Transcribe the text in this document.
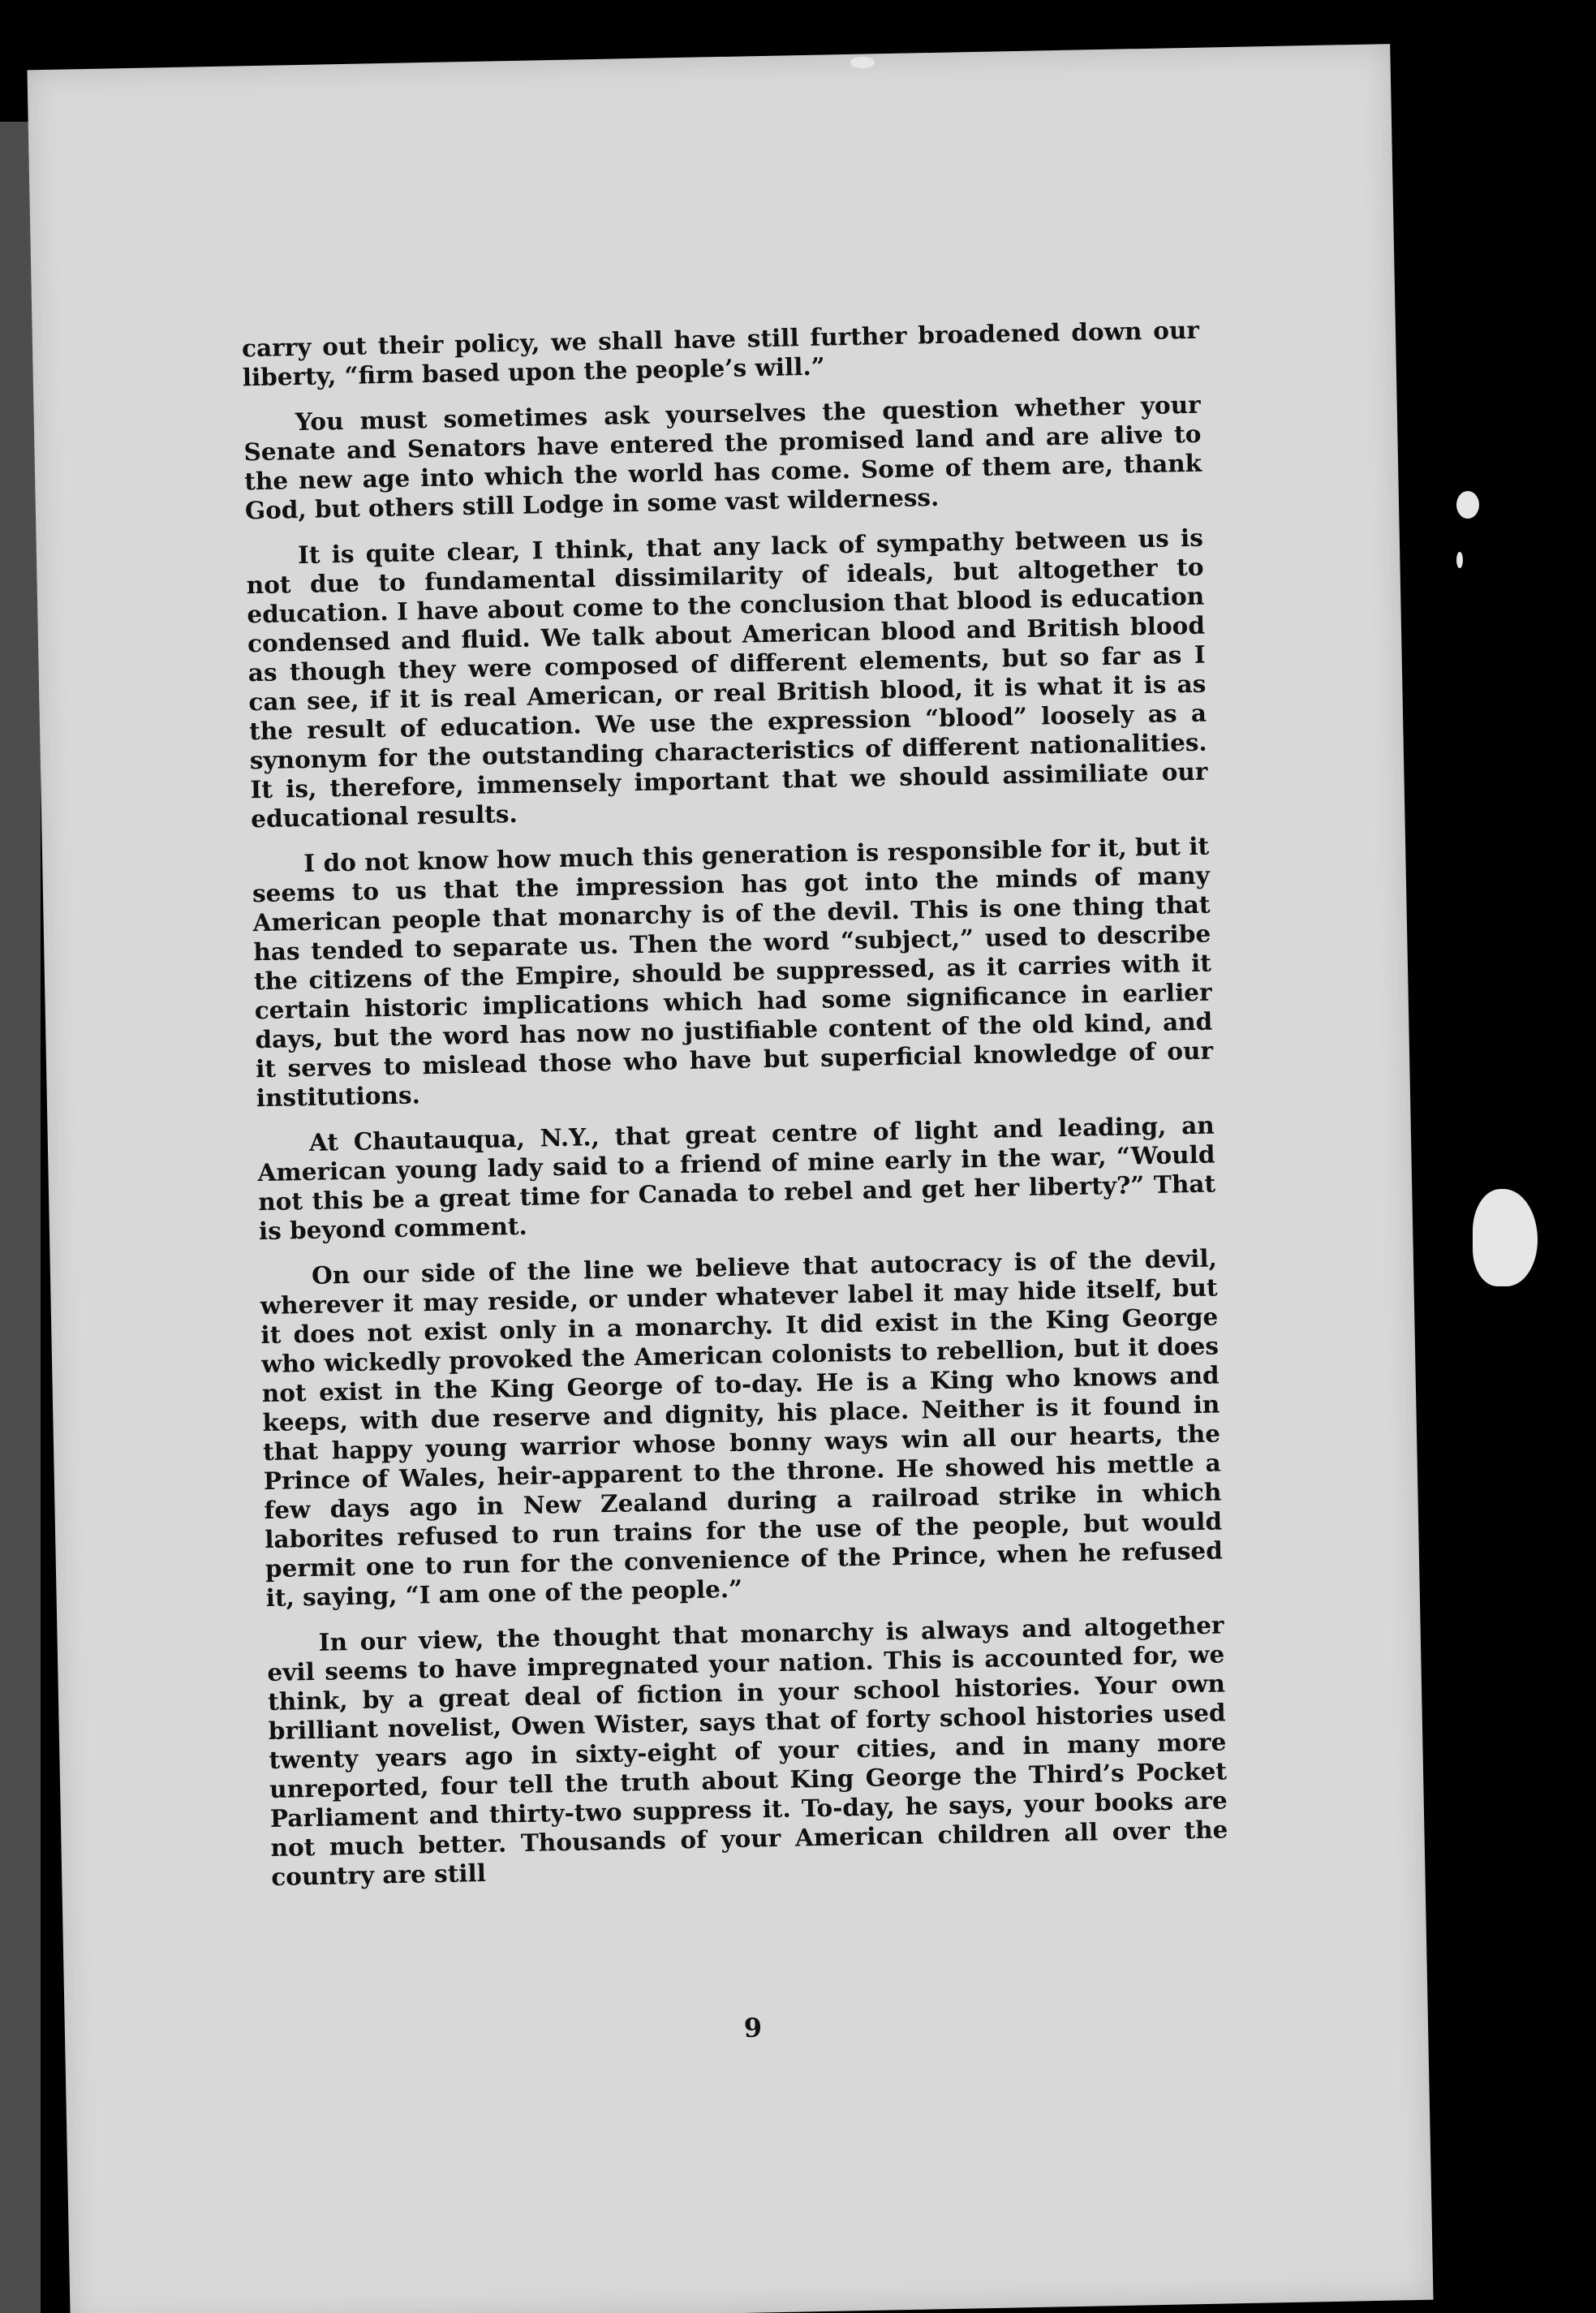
carry out their policy, we shall have still further broadened down our liberty, “firm based upon the people’s will.”

You must sometimes ask yourselves the question whether your Senate and Senators have entered the promised land and are alive to the new age into which the world has come. Some of them are, thank God, but others still Lodge in some vast wilderness.

It is quite clear, I think, that any lack of sympathy between us is not due to fundamental dissimilarity of ideals, but altogether to education. I have about come to the conclusion that blood is education condensed and fluid. We talk about American blood and British blood as though they were composed of different elements, but so far as I can see, if it is real American, or real British blood, it is what it is as the result of education. We use the expression “blood” loosely as a synonym for the outstanding characteristics of different nationalities. It is, therefore, immensely important that we should assimiliate our educational results.

I do not know how much this generation is responsible for it, but it seems to us that the impression has got into the minds of many American people that monarchy is of the devil. This is one thing that has tended to separate us. Then the word “subject,” used to describe the citizens of the Empire, should be suppressed, as it carries with it certain historic implications which had some significance in earlier days, but the word has now no justifiable content of the old kind, and it serves to mislead those who have but superficial knowledge of our institutions.

At Chautauqua, N.Y., that great centre of light and leading, an American young lady said to a friend of mine early in the war, “Would not this be a great time for Canada to rebel and get her liberty?” That is beyond comment.

On our side of the line we believe that autocracy is of the devil, wherever it may reside, or under whatever label it may hide itself, but it does not exist only in a monarchy. It did exist in the King George who wickedly provoked the American colonists to rebellion, but it does not exist in the King George of to-day. He is a King who knows and keeps, with due reserve and dignity, his place. Neither is it found in that happy young warrior whose bonny ways win all our hearts, the Prince of Wales, heir-apparent to the throne. He showed his mettle a few days ago in New Zealand during a railroad strike in which laborites refused to run trains for the use of the people, but would permit one to run for the convenience of the Prince, when he refused it, saying, “I am one of the people.”

In our view, the thought that monarchy is always and altogether evil seems to have impregnated your nation. This is accounted for, we think, by a great deal of fiction in your school histories. Your own brilliant novelist, Owen Wister, says that of forty school histories used twenty years ago in sixty-eight of your cities, and in many more unreported, four tell the truth about King George the Third’s Pocket Parliament and thirty-two suppress it. To-day, he says, your books are not much better. Thousands of your American children all over the country are still

9
